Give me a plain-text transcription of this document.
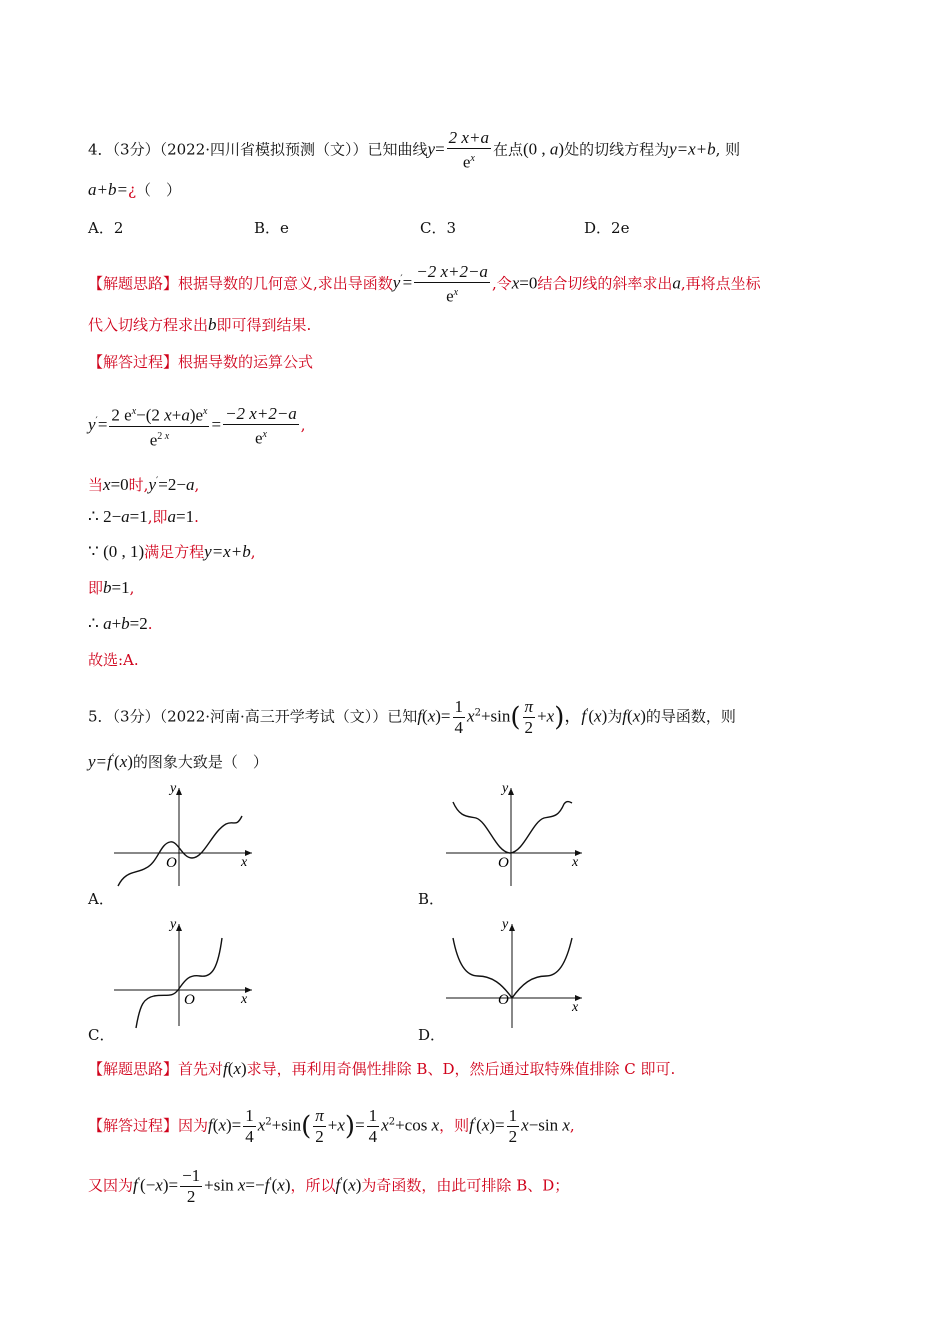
4．（3分）（2022·四川省模拟预测（文））已知曲线$y= \frac{2 x+a}{e^x}$ 在点(0 , a)处的切线方程为y=x+b, 则
a+b=¿（　）
A．2	B．e	C．3	D．2e
【解题思路】根据导数的几何意义,求出导函数$y'= \frac{-2 x+2-a}{e^x}$ ,令x=0结合切线的斜率求出a,再将点坐标
代入切线方程求出b即可得到结果.
【解答过程】根据导数的运算公式
$y'= \frac{2 e^x-(2 x+a)e^x}{e^{2 x}} = \frac{-2 x+2-a}{e^x}$ ,
当x=0时,y′=2−a,
∴ 2−a=1,即a=1.
∵ (0 , 1)满足方程y=x+b,
即b=1,
∴ a+b=2.
故选:A.
5．（3分）（2022·河南·高三开学考试（文））已知$f(x)= \frac{1}{4} x^2+\sin( \frac{\pi}{2} +x)$，f′(x)为f(x)的导函数，则
y=f′(x)的图象大致是（　）
y
x
O
A．
y
x
O
B．
y
x
O
C．
y
x
O
D．
【解题思路】首先对f(x)求导，再利用奇偶性排除 B、D，然后通过取特殊值排除 C 即可.
【解答过程】因为$f(x)= \frac{1}{4} x^2+\sin( \frac{\pi}{2} +x)= \frac{1}{4} x^2+\cos$ x，则$f'(x)= \frac{1}{2} x-\sin$ x,
又因为$f'(-x)= \frac{-1}{2} +\sin$ x=−f′(x)，所以f′(x)为奇函数，由此可排除 B、D；
